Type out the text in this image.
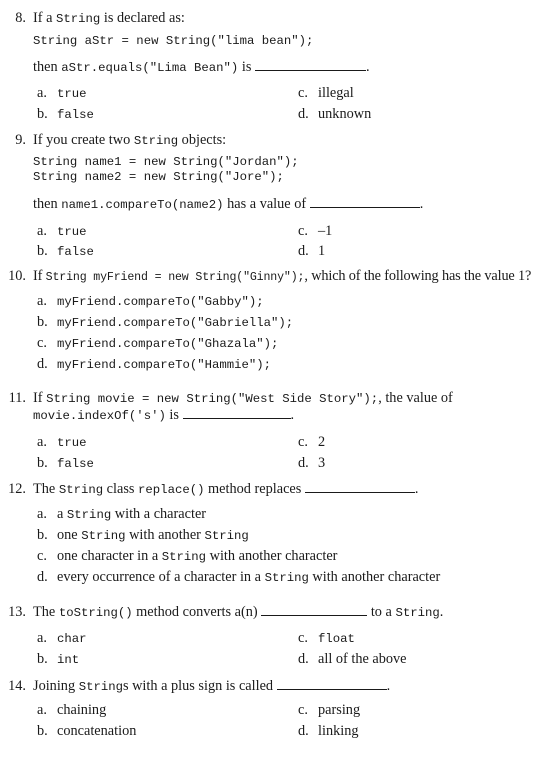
8. If a String is declared as:
String aStr = new String("lima bean");
then aStr.equals("Lima Bean") is	.
a. true	c. illegal
b. false	d. unknown
9. If you create two String objects:
String name1 = new String("Jordan");
String name2 = new String("Jore");
then name1.compareTo(name2) has a value of	.
a. true	c. –1
b. false	d. 1
10. If String myFriend = new String("Ginny");, which of the following has the value 1?
a. myFriend.compareTo("Gabby");
b. myFriend.compareTo("Gabriella");
c. myFriend.compareTo("Ghazala");
d. myFriend.compareTo("Hammie");
11. If String movie = new String("West Side Story");, the value of
movie.indexOf('s') is	.
a. true	c. 2
b. false	d. 3
12. The String class replace() method replaces	.
a. a String with a character
b. one String with another String
c. one character in a String with another character
d. every occurrence of a character in a String with another character
13. The toString() method converts a(n)	to a String.
a. char	c. float
b. int	d. all of the above
14. Joining Strings with a plus sign is called	.
a. chaining	c. parsing
b. concatenation	d. linking
